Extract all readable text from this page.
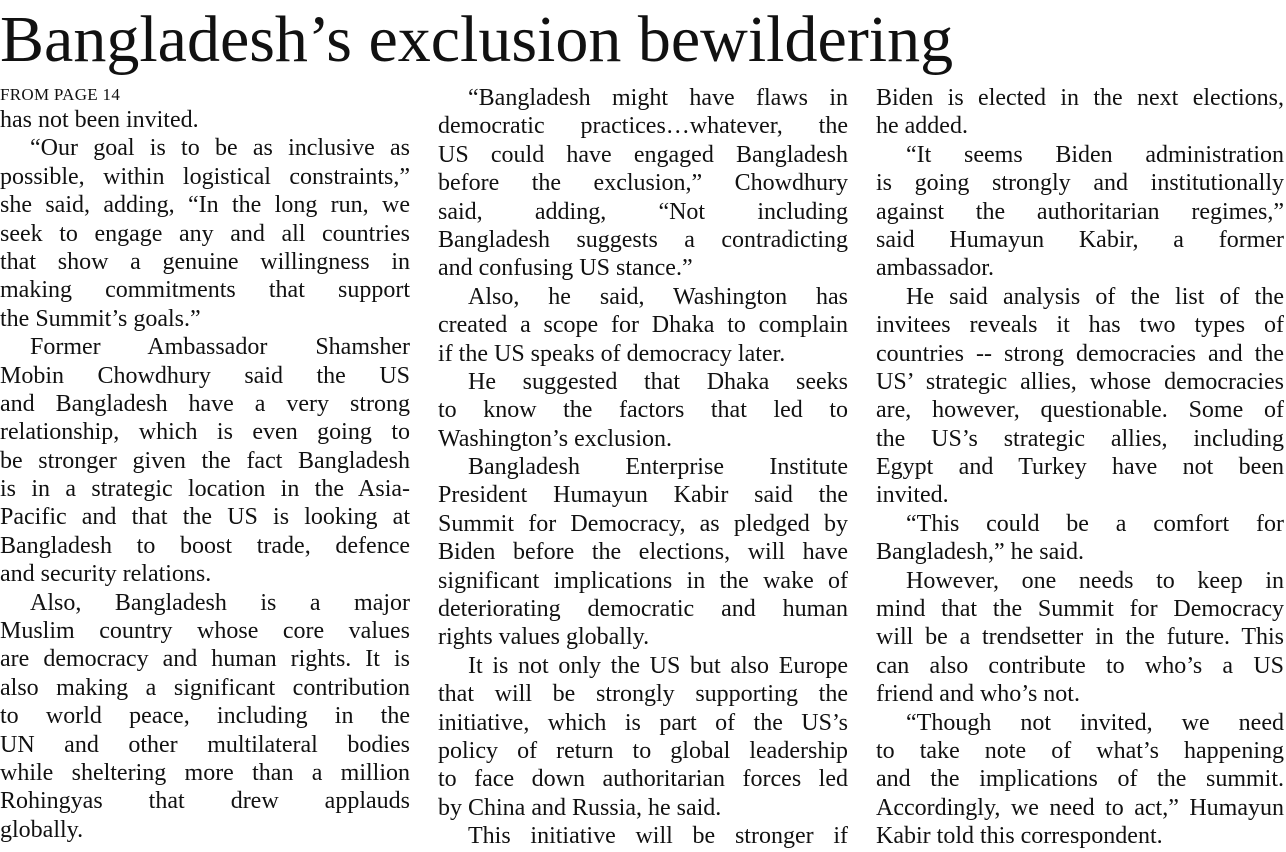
Bangladesh’s exclusion bewildering
FROM PAGE 14
has not been invited.
“Our goal is to be as inclusive as
possible, within logistical constraints,”
she said, adding, “In the long run, we
seek to engage any and all countries
that show a genuine willingness in
making commitments that support
the Summit’s goals.”
Former Ambassador Shamsher
Mobin Chowdhury said the US
and Bangladesh have a very strong
relationship, which is even going to
be stronger given the fact Bangladesh
is in a strategic location in the Asia-
Pacific and that the US is looking at
Bangladesh to boost trade, defence
and security relations.
Also, Bangladesh is a major
Muslim country whose core values
are democracy and human rights. It is
also making a significant contribution
to world peace, including in the
UN and other multilateral bodies
while sheltering more than a million
Rohingyas that drew applauds
globally.
“Bangladesh might have flaws in
democratic practices…whatever, the
US could have engaged Bangladesh
before the exclusion,” Chowdhury
said, adding, “Not including
Bangladesh suggests a contradicting
and confusing US stance.”
Also, he said, Washington has
created a scope for Dhaka to complain
if the US speaks of democracy later.
He suggested that Dhaka seeks
to know the factors that led to
Washington’s exclusion.
Bangladesh Enterprise Institute
President Humayun Kabir said the
Summit for Democracy, as pledged by
Biden before the elections, will have
significant implications in the wake of
deteriorating democratic and human
rights values globally.
It is not only the US but also Europe
that will be strongly supporting the
initiative, which is part of the US’s
policy of return to global leadership
to face down authoritarian forces led
by China and Russia, he said.
This initiative will be stronger if
Biden is elected in the next elections,
he added.
“It seems Biden administration
is going strongly and institutionally
against the authoritarian regimes,”
said Humayun Kabir, a former
ambassador.
He said analysis of the list of the
invitees reveals it has two types of
countries -- strong democracies and the
US’ strategic allies, whose democracies
are, however, questionable. Some of
the US’s strategic allies, including
Egypt and Turkey have not been
invited.
“This could be a comfort for
Bangladesh,” he said.
However, one needs to keep in
mind that the Summit for Democracy
will be a trendsetter in the future. This
can also contribute to who’s a US
friend and who’s not.
“Though not invited, we need
to take note of what’s happening
and the implications of the summit.
Accordingly, we need to act,” Humayun
Kabir told this correspondent.
